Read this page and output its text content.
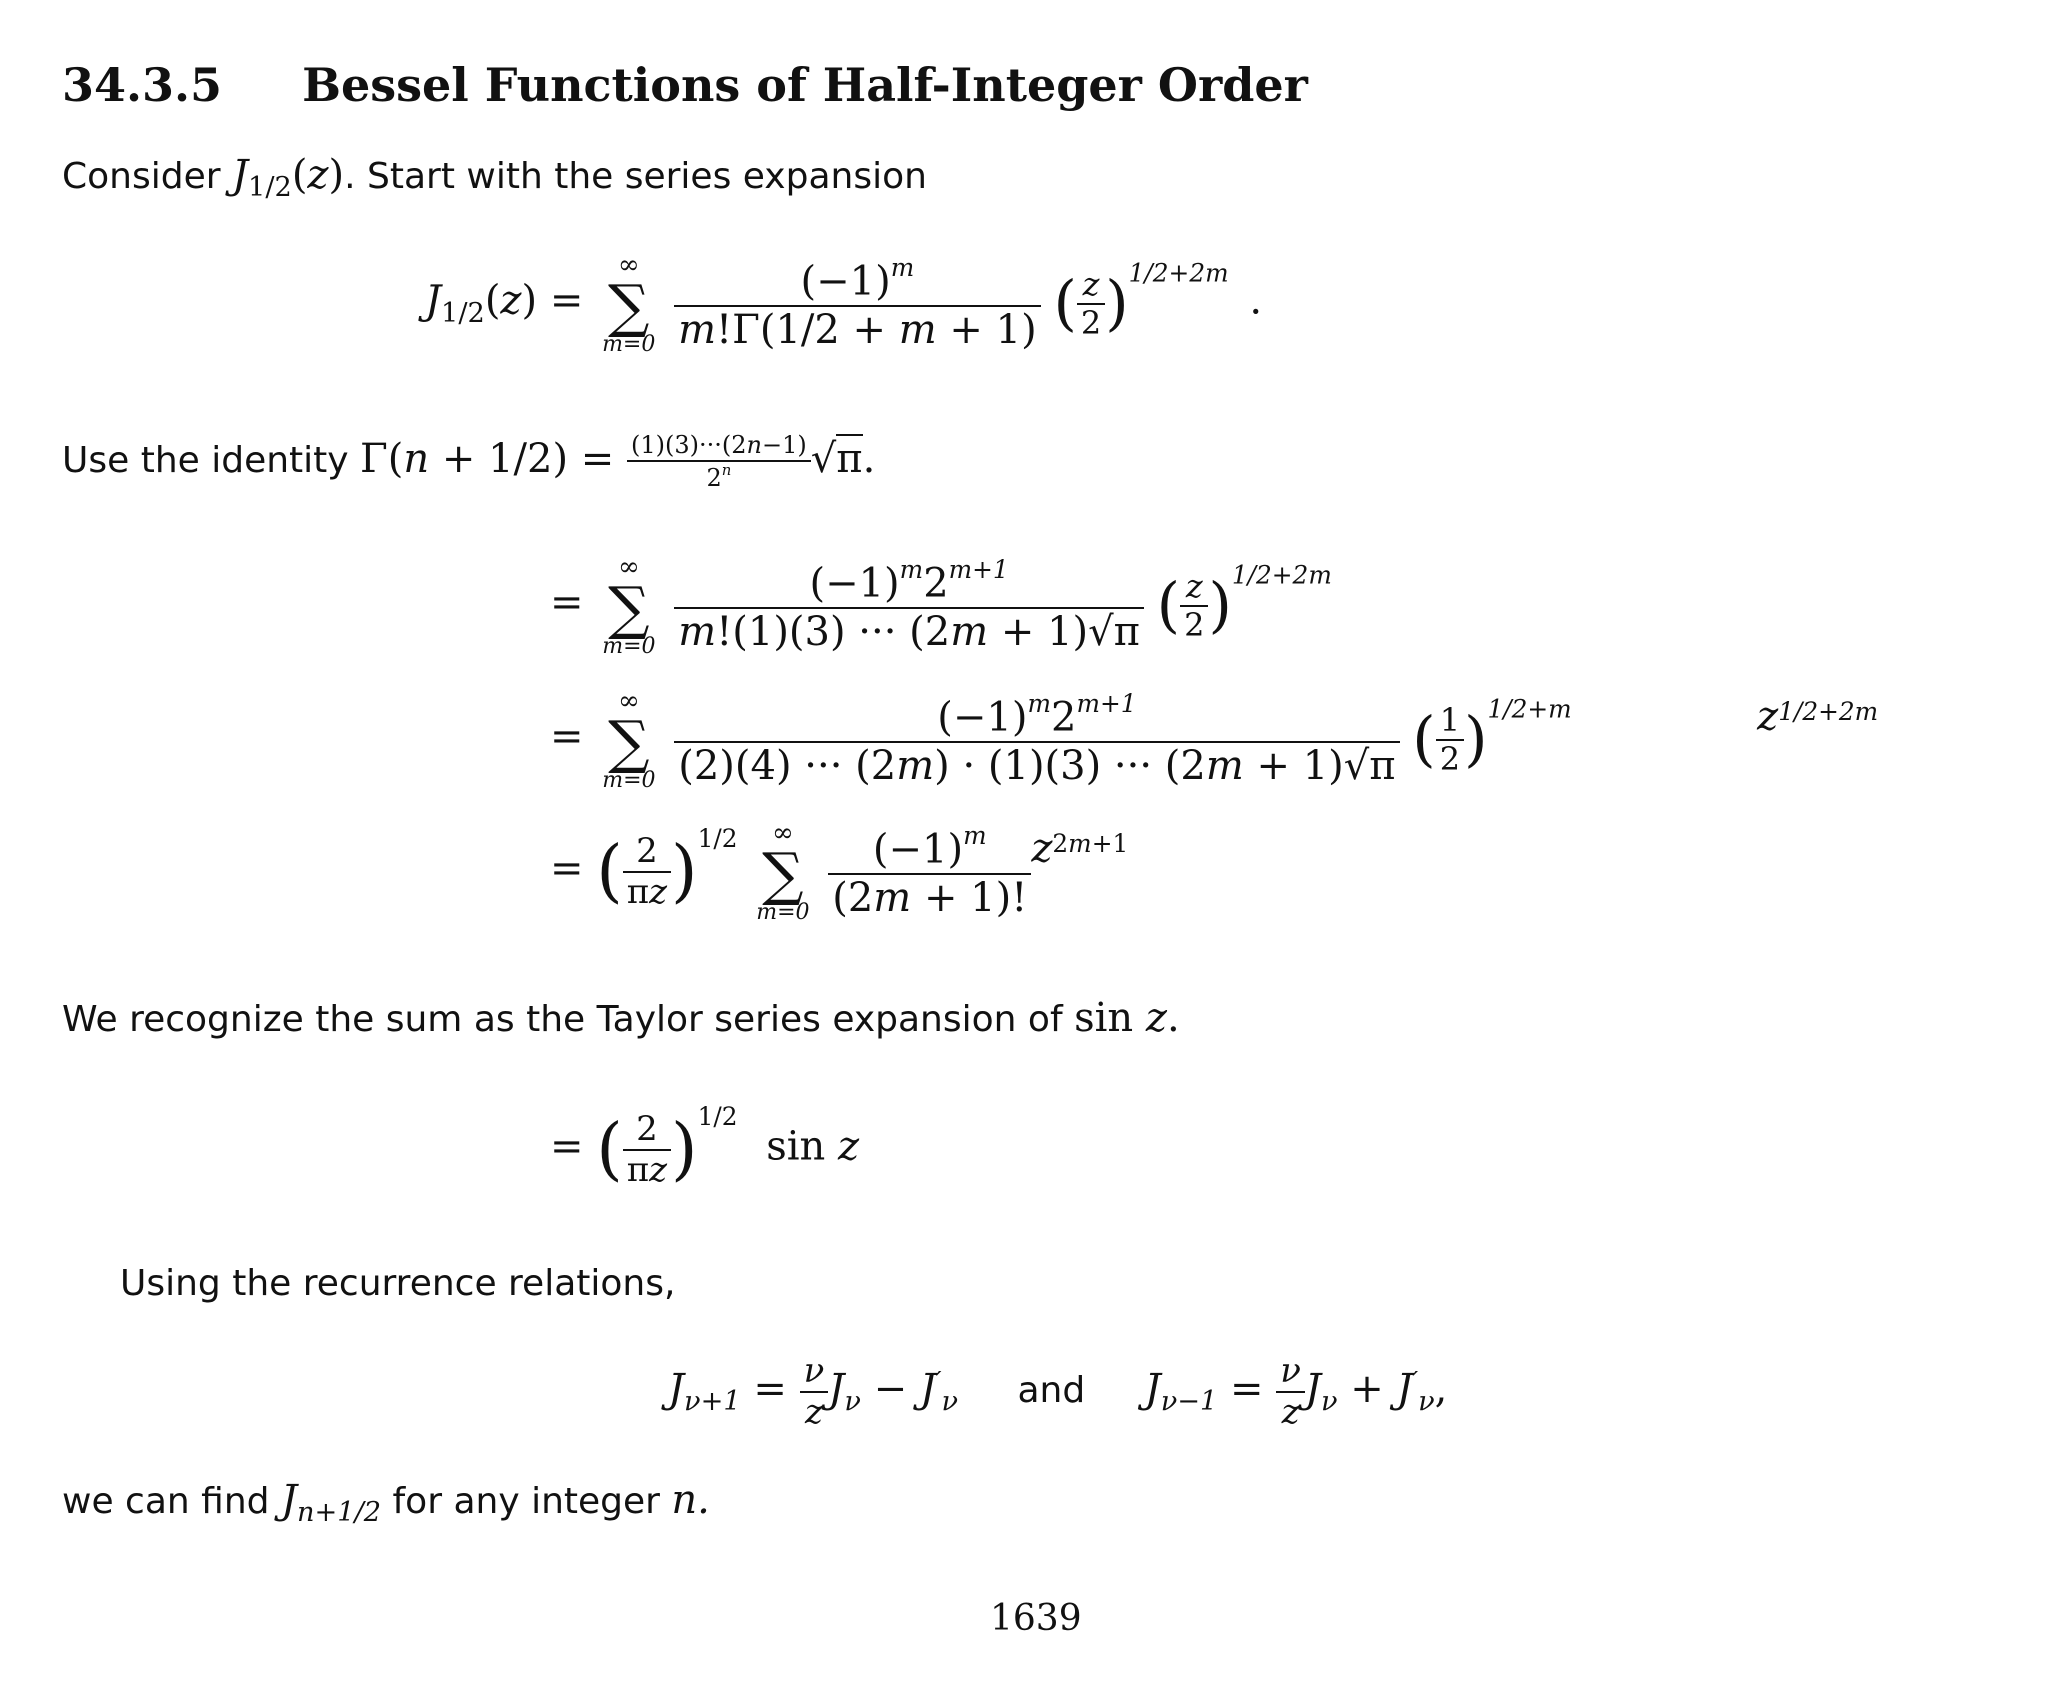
34.3.5 Bessel Functions of Half-Integer Order
Consider $J_{1/2}(z)$. Start with the series expansion
$J_{1/2}(z)$ =
∞
∑
m=0
$\frac{(-1)^m}{m!\Gamma(1/2 + m + 1)}$ ( $\frac{z}{2} )^{1/2+2m}$ .
Use the identity $\Gamma(n + 1/2) = \frac{(1)(3)\cdot\cdot\cdot(2n-1)}{2^n} √\pi$.
=
∞
∑
m=0
$\frac{(-1)^m2^{m+1}}{m!(1)(3) \cdot\cdot\cdot (2m + 1)√\pi}$ ( $\frac{z}{2} )^{1/2+2m}$
=
∞
∑
m=0
$\frac{(-1)^m2^{m+1}}{(2)(4) \cdot\cdot\cdot (2m) \cdot (1)(3) \cdot\cdot\cdot (2m + 1)√\pi}$ ( $\frac{1}{2} )^{1/2+m}$	$z^{1/2+2m}$
= ( $\frac{2}{\pi z} )^{1/2}$	∞
∑
m=0
$\frac{(-1)^m}{(2m + 1)!} z^{2m+1}$
We recognize the sum as the Taylor series expansion of sin z.
= ( $\frac{2}{\pi z} )^{1/2}$ sin z
Using the recurrence relations,
$J_{\nu+1} = \frac{\nu}{z} J_\nu - J'_\nu$ and $J_{\nu-1} = \frac{\nu}{z} J_\nu + J'_\nu$,
we can find $J_{n+1/2}$ for any integer n.
1639
